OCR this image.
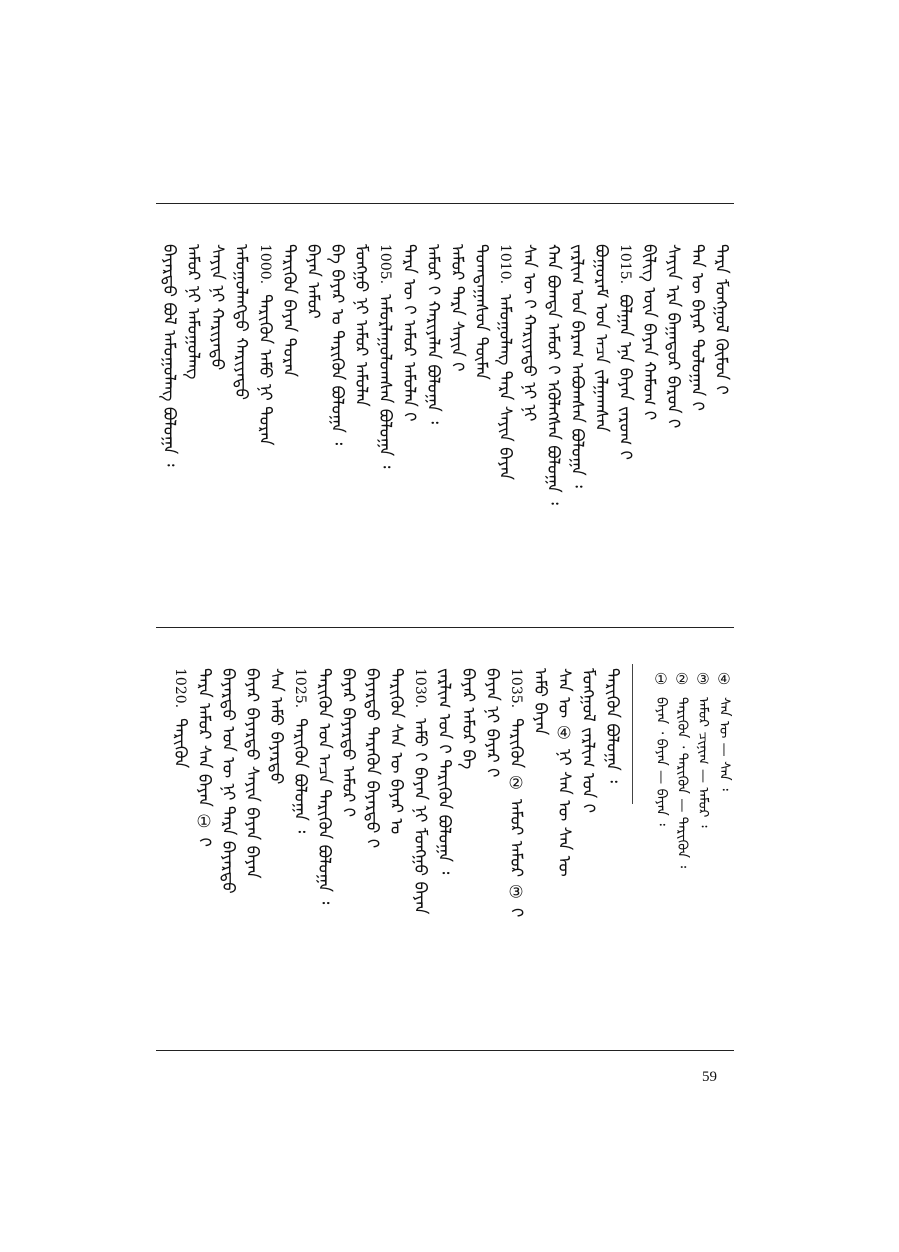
ᠲᠡᠷᠡ ᠮᠣᠩᠭᠣᠯ ᠬᠦᠮᠦᠨ ᠢ᠋
ᠲᠡᠨ ᠦ ᠪᠠᠶᠠᠷ ᠳᠣᠯᠣᠭᠠᠨ ᠢ᠋
ᠰᠠᠶᠢᠨ ᠡᠷᠡ ᠪᠠᠭᠠᠲᠤᠷ ᠪᠠᠷᠤᠨ ᠢ᠋
ᠪᠢᠯᠢᠭ ᠦᠨ ᠪᠠᠶᠠᠨ ᠬᠠᠮᠤᠭ ᠢ᠋
1015.ᠪᠣᠯᠭᠠᠨ ᠡᠨᠡ ᠪᠠᠶᠠᠨ ᠵᠠᠷᠤᠭ ᠢ᠋
ᠪᠣᠭᠣᠷᠠᠮ ᠣᠨ ᠠᠴᠠ ᠵᠠᠯᠭᠠᠭᠰᠠᠨ
ᠵᠠᠷᠯᠢᠭ ᠤᠨ ᠪᠠᠷᠠᠭ ᠠᠪᠤᠭᠰᠠᠨ ᠪᠣᠯᠤᠭᠠ ᠄
ᠬᠠᠨ ᠪᠣᠭᠳᠠ ᠠᠮᠤᠷ ᠢ᠋ ᠡᠭᠦᠯᠡᠭᠰᠡᠨ ᠪᠣᠯᠤᠭᠠ ᠄
ᠰᠠᠨ ᠦ ᠢ᠋ ᠬᠠᠷᠢᠶᠠᠲᠤ ᠨᠢ ᠨᠢ
1010.ᠠᠮᠤᠭᠤᠯᠠᠩ ᠲᠡᠷᠡ ᠰᠠᠶᠢᠨ ᠪᠠᠶᠠᠨ
ᠲᠣᠭᠳᠠᠭᠠᠰᠤᠨ ᠲᠦᠮᠡᠨ
ᠠᠮᠤᠷ ᠲᠡᠷᠡ ᠰᠠᠶᠢᠨ ᠢ᠋
ᠠᠮᠤᠷ ᠢ᠋ ᠬᠠᠷᠢᠶᠠᠯᠠᠨ ᠪᠣᠯᠤᠭᠠ ᠄
ᠲᠡᠷᠡ ᠦ ᠢ᠋ ᠠᠮᠤᠷ ᠠᠮᠤᠯᠠᠨ ᠢ᠋
1005.ᠠᠮᠤᠷᠯᠠᠭᠤᠯᠤᠭᠰᠠᠨ ᠪᠣᠯᠤᠭᠠ ᠄
ᠮᠣᠩᠭᠣ ᠨᠢ ᠠᠮᠤᠷ ᠠᠮᠤᠯᠠᠨ
ᠪᠠ ᠪᠠᠶᠠᠷ ᠤ ᠲᠡᠷᠢᠭᠦᠨ ᠪᠣᠯᠤᠭᠠ ᠄
ᠪᠠᠶᠠᠨ ᠠᠮᠤᠷ
ᠲᠡᠷᠢᠭᠦᠨ ᠪᠠᠶᠠᠨ ᠲᠣᠷᠠᠨ
1000.ᠲᠡᠷᠢᠭᠦᠨ ᠠᠮᠤ ᠨᠢ ᠲᠣᠷᠠᠨ
ᠠᠮᠤᠭᠤᠯᠠᠩᠲᠤ ᠬᠠᠷᠢᠶᠠᠲᠤ
ᠰᠠᠶᠢᠨ ᠨᠢ ᠬᠠᠷᠢᠶᠠᠲᠤ
ᠠᠮᠤᠷ ᠨᠢ ᠠᠮᠤᠭᠤᠯᠠᠩ
ᠪᠠᠶᠠᠷᠲᠤ ᠪᠣᠯ ᠠᠮᠤᠭᠤᠯᠠᠩ ᠪᠣᠯᠤᠭᠠ ᠄
④ᠰᠠᠨ ᠦ — ᠰᠠᠨ ᠄
③ᠠᠮᠤᠷ ᠴᠢᠨᠢᠬ — ᠠᠮᠤᠷ ᠄
②ᠲᠡᠷᠢᠭᠦᠨ ᠂ ᠲᠡᠷᠢᠭᠦᠨ — ᠲᠡᠷᠢᠭᠦᠨ ᠄
①ᠪᠠᠶᠠᠨ ᠂ ᠪᠠᠶᠠᠨ — ᠪᠠᠶᠠᠨ ᠄
ᠲᠡᠷᠢᠭᠦᠨ ᠪᠣᠯᠤᠭᠠ ᠄
ᠮᠣᠩᠭᠣᠯ ᠵᠠᠷᠯᠢᠭ ᠤᠨ ᠢ᠋
ᠰᠠᠨ ᠦ ④ ᠨᠢ ᠰᠠᠨ ᠦ ᠰᠠᠨ ᠦ
ᠠᠮᠤ ᠪᠠᠶᠠᠨ
1035.ᠲᠡᠷᠢᠭᠦᠨ ② ᠠᠮᠤᠷ ᠠᠮᠤᠷ ③ ᠢ᠋
ᠪᠠᠶᠠᠨ ᠨᠢ ᠪᠠᠶᠠᠷ ᠢ᠋
ᠪᠠᠶᠠᠷ ᠠᠮᠤᠷ ᠪᠠ
ᠵᠠᠷᠯᠢᠭ ᠤᠨ ᠢ᠋ ᠲᠡᠷᠢᠭᠦᠨ ᠪᠣᠯᠤᠭᠠ ᠄
1030.ᠠᠮᠤ ᠢ᠋ ᠪᠠᠶᠠᠨ ᠨᠢ ᠮᠣᠩᠭᠣ ᠪᠠᠶᠠᠨ
ᠲᠡᠷᠢᠭᠦᠨ ᠰᠠᠨ ᠦ ᠪᠠᠶᠠᠷ ᠤ
ᠪᠠᠶᠠᠷᠲᠤ ᠲᠡᠷᠡᠭᠦᠨ ᠪᠠᠶᠠᠷᠲᠤ ᠢ᠋
ᠪᠠᠶᠠᠷ ᠪᠠᠶᠠᠷᠲᠤ ᠠᠮᠤᠷ ᠢ᠋
ᠲᠡᠷᠢᠭᠦᠨ ᠣᠨ ᠠᠴᠠ ᠲᠡᠷᠢᠭᠦᠨ ᠪᠣᠯᠤᠭᠠ ᠄
1025.ᠲᠡᠷᠢᠭᠦᠨ ᠪᠣᠯᠤᠭᠠ ᠄
ᠰᠠᠨ ᠠᠮᠤ ᠪᠠᠶᠠᠷᠲᠤ
ᠪᠠᠶᠠᠷ ᠪᠠᠶᠠᠷᠲᠤ ᠰᠠᠶᠢᠨ ᠪᠠᠶᠠᠨ ᠪᠠᠶᠠᠨ
ᠪᠠᠶᠠᠷᠲᠤ ᠣᠨ ᠦ ᠨᠢ ᠲᠡᠷᠡ ᠪᠠᠶᠠᠷᠲᠤ
ᠲᠡᠷᠡ ᠠᠮᠤᠷ ᠰᠠᠨ ᠪᠠᠶᠠᠨ ① ᠢ᠋
1020.ᠲᠡᠷᠢᠭᠦᠨ
59
